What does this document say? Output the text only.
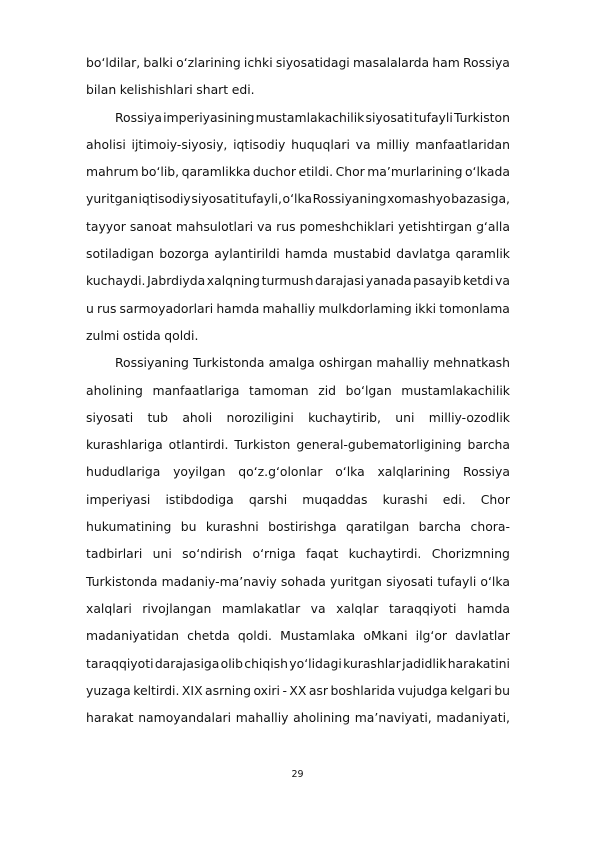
bo‘ldilar, balki o‘zlarining ichki siyosatidagi masalalarda ham Rossiya
bilan kelishishlari shart edi.
Rossiya imperiyasining mustamlakachilik siyosati tufayli Turkiston
aholisi ijtimoiy-siyosiy, iqtisodiy huquqlari va milliy manfaatlaridan
mahrum bo‘lib, qaramlikka duchor etildi. Chor ma’murlarining o‘lkada
yuritgan iqtisodiy siyosati tufayli, o‘lka Rossiyaning xomashyo bazasiga,
tayyor sanoat mahsulotlari va rus pomeshchiklari yetishtirgan g‘alla
sotiladigan bozorga aylantirildi hamda mustabid davlatga qaramlik
kuchaydi. Jabrdiyda xalqning turmush darajasi yanada pasayib ketdi va
u rus sarmoyadorlari hamda mahalliy mulkdorlaming ikki tomonlama
zulmi ostida qoldi.
Rossiyaning Turkistonda amalga oshirgan mahalliy mehnatkash
aholining manfaatlariga tamoman zid bo‘lgan mustamlakachilik
siyosati tub aholi noroziligini kuchaytirib, uni milliy-ozodlik
kurashlariga otlantirdi. Turkiston general-gubematorligining barcha
hududlariga yoyilgan qo‘z.g‘olonlar o‘lka xalqlarining Rossiya
imperiyasi istibdodiga qarshi muqaddas kurashi edi. Chor
hukumatining bu kurashni bostirishga qaratilgan barcha chora-
tadbirlari uni so‘ndirish o‘rniga faqat kuchaytirdi. Chorizmning
Turkistonda madaniy-ma’naviy sohada yuritgan siyosati tufayli o‘lka
xalqlari rivojlangan mamlakatlar va xalqlar taraqqiyoti hamda
madaniyatidan chetda qoldi. Mustamlaka oMkani ilg‘or davlatlar
taraqqiyoti darajasiga olib chiqish yo‘lidagi kurashlar jadidlik harakatini
yuzaga keltirdi. XIX asrning oxiri - XX asr boshlarida vujudga kelgari bu
harakat namoyandalari mahalliy aholining ma’naviyati, madaniyati,
29
